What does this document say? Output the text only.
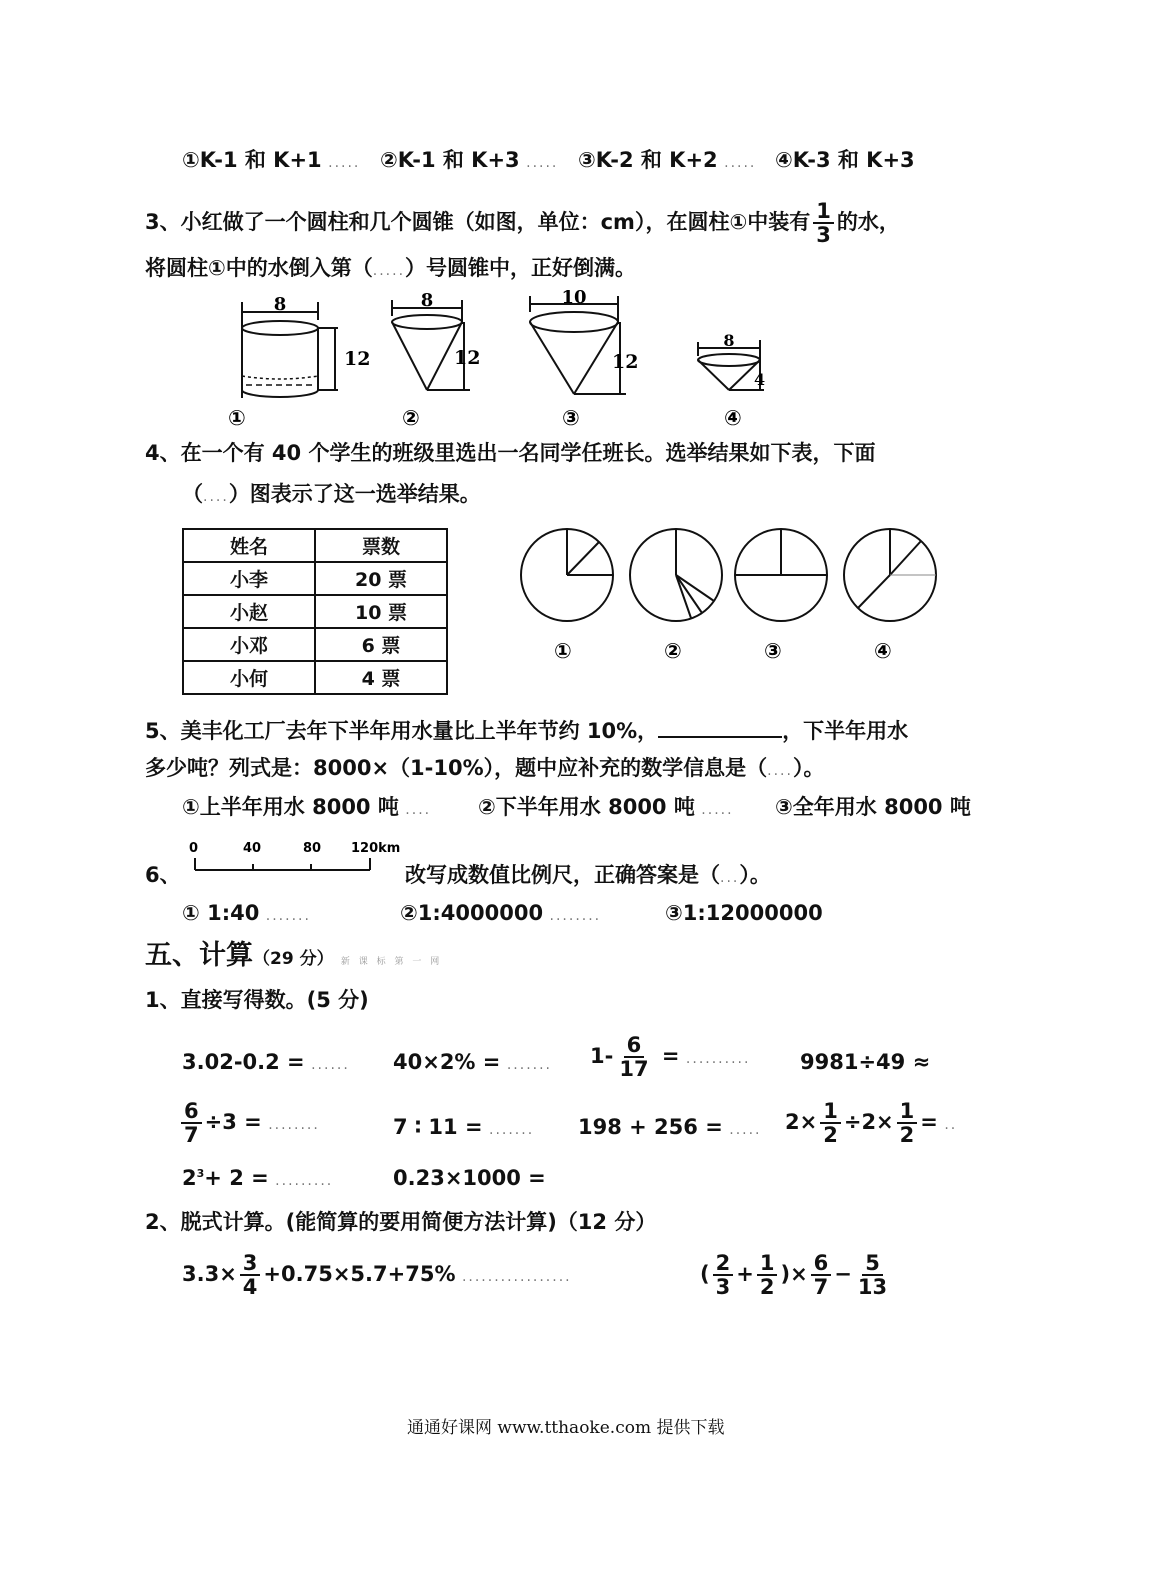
①K-1 和 K+1 ..... ②K-1 和 K+3 ..... ③K-2 和 K+2 ..... ④K-3 和 K+3
3、小红做了一个圆柱和几个圆锥（如图，单位：cm），在圆柱①中装有 $\frac{1}{3}$ 的水，
将圆柱①中的水倒入第（.....）号圆锥中，正好倒满。
8
12
8
12
10
12
8
4
①	②	③	④
4、在一个有 40 个学生的班级里选出一名同学任班长。选举结果如下表，下面
（....）图表示了这一选举结果。
姓名	票数
小李	20 票
小赵	10 票
小邓	6 票
小何	4 票
①	②	③	④
5、美丰化工厂去年下半年用水量比上半年节约 10%，	，下半年用水
多少吨？列式是：8000×（1-10%），题中应补充的数学信息是（....）。
①上半年用水 8000 吨 .... ②下半年用水 8000 吨 ..... ③全年用水 8000 吨
6、
0	40	80 120km
改写成数值比例尺，正确答案是（...）。
① 1:40 .......	②1:4000000 ........	③1:12000000
五、计算（29 分） 新 课 标 第 一 网
1、直接写得数。(5 分)
3.02-0.2 = ...... 40×2% = ....... $1- \frac{6}{17}$ = .......... 9981÷49 ≈
$\frac{6}{7} \div 3$ = ........	7 ∶ 11 = ....... 198 + 256 = ..... $2\times \frac{1}{2} \div 2\times \frac{1}{2}$ = ..
$2^3+ 2$ = .........	0.23×1000 =
2、脱式计算。(能简算的要用简便方法计算)（12 分）
$3.3\times \frac{3}{4} +0.75\times 5.7+75\%$ .................	( $\frac{2}{3} + \frac{1}{2}$ )× $\frac{6}{7} - \frac{5}{13}$
通通好课网 www.tthaoke.com 提供下载
